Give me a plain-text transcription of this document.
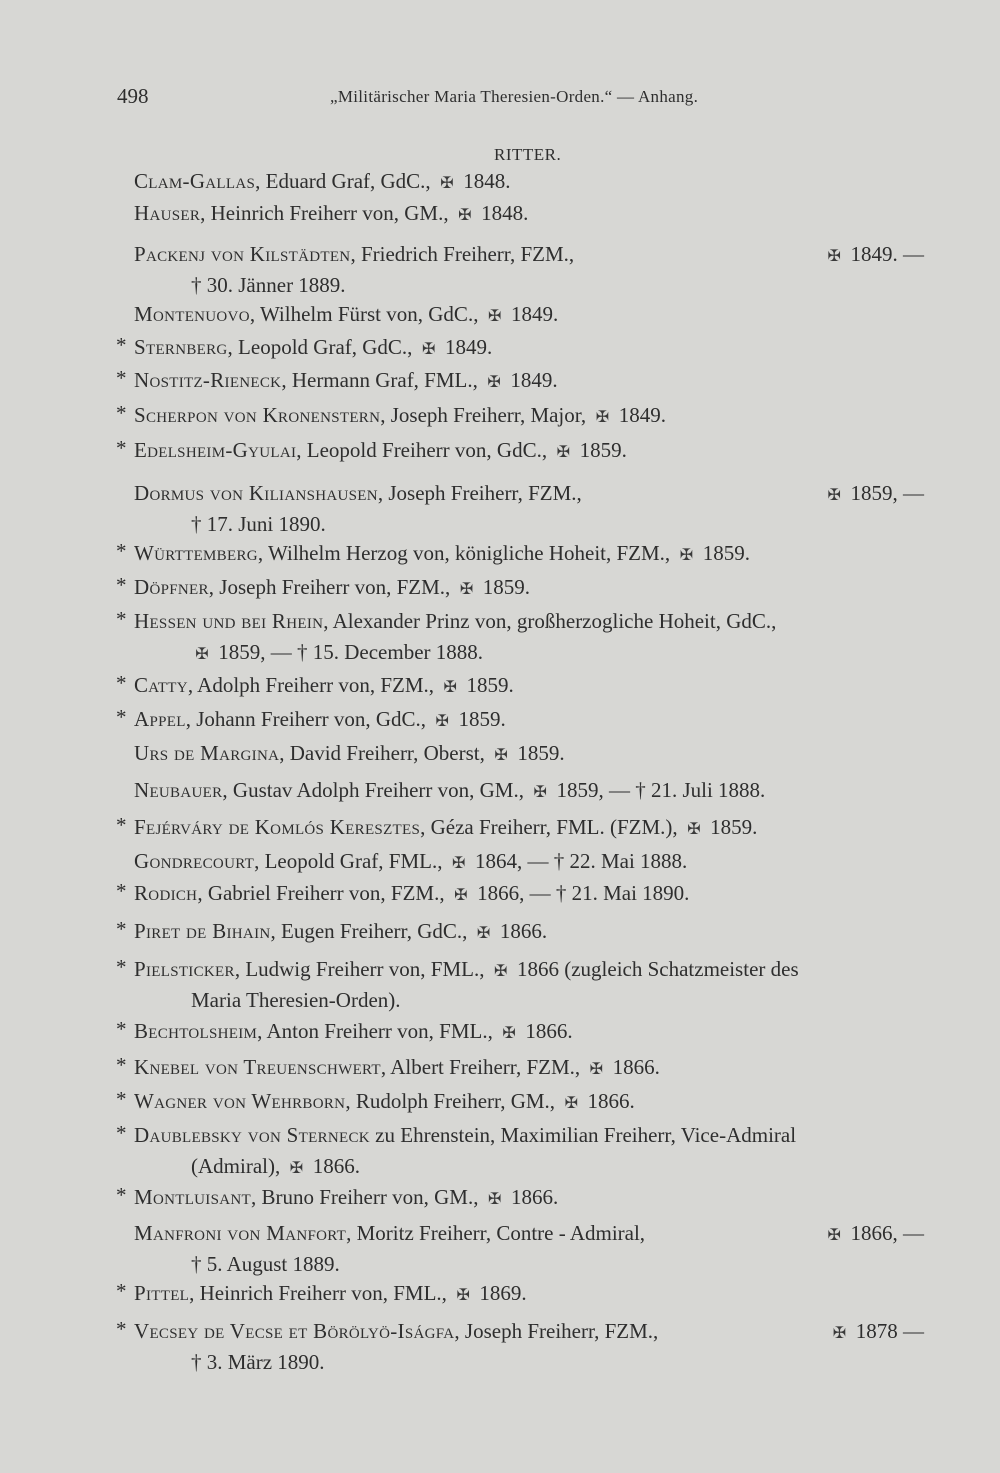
498	„Militärischer Maria Theresien-Orden.“ — Anhang.
RITTER.
Clam-Gallas, Eduard Graf, GdC., ✠ 1848.
Hauser, Heinrich Freiherr von, GM., ✠ 1848.
Packenj von Kilstädten, Friedrich Freiherr, FZM.,	✠ 1849. —
† 30. Jänner 1889.
Montenuovo, Wilhelm Fürst von, GdC., ✠ 1849.
* Sternberg, Leopold Graf, GdC., ✠ 1849.
* Nostitz-Rieneck, Hermann Graf, FML., ✠ 1849.
* Scherpon von Kronenstern, Joseph Freiherr, Major, ✠ 1849.
* Edelsheim-Gyulai, Leopold Freiherr von, GdC., ✠ 1859.
Dormus von Kilianshausen, Joseph Freiherr, FZM.,	✠ 1859, —
† 17. Juni 1890.
* Württemberg, Wilhelm Herzog von, königliche Hoheit, FZM., ✠ 1859.
* Döpfner, Joseph Freiherr von, FZM., ✠ 1859.
* Hessen und bei Rhein, Alexander Prinz von, großherzogliche Hoheit, GdC.,
✠ 1859, — † 15. December 1888.
* Catty, Adolph Freiherr von, FZM., ✠ 1859.
* Appel, Johann Freiherr von, GdC., ✠ 1859.
Urs de Margina, David Freiherr, Oberst, ✠ 1859.
Neubauer, Gustav Adolph Freiherr von, GM., ✠ 1859, — † 21. Juli 1888.
* Fejérváry de Komlós Keresztes, Géza Freiherr, FML. (FZM.), ✠ 1859.
Gondrecourt, Leopold Graf, FML., ✠ 1864, — † 22. Mai 1888.
* Rodich, Gabriel Freiherr von, FZM., ✠ 1866, — † 21. Mai 1890.
* Piret de Bihain, Eugen Freiherr, GdC., ✠ 1866.
* Pielsticker, Ludwig Freiherr von, FML., ✠ 1866 (zugleich Schatzmeister des
Maria Theresien-Orden).
* Bechtolsheim, Anton Freiherr von, FML., ✠ 1866.
* Knebel von Treuenschwert, Albert Freiherr, FZM., ✠ 1866.
* Wagner von Wehrborn, Rudolph Freiherr, GM., ✠ 1866.
* Daublebsky von Sterneck zu Ehrenstein, Maximilian Freiherr, Vice-Admiral
(Admiral), ✠ 1866.
* Montluisant, Bruno Freiherr von, GM., ✠ 1866.
Manfroni von Manfort, Moritz Freiherr, Contre - Admiral,	✠ 1866, —
† 5. August 1889.
* Pittel, Heinrich Freiherr von, FML., ✠ 1869.
* Vecsey de Vecse et Börölyö-Iságfa, Joseph Freiherr, FZM.,	✠ 1878 —
† 3. März 1890.
